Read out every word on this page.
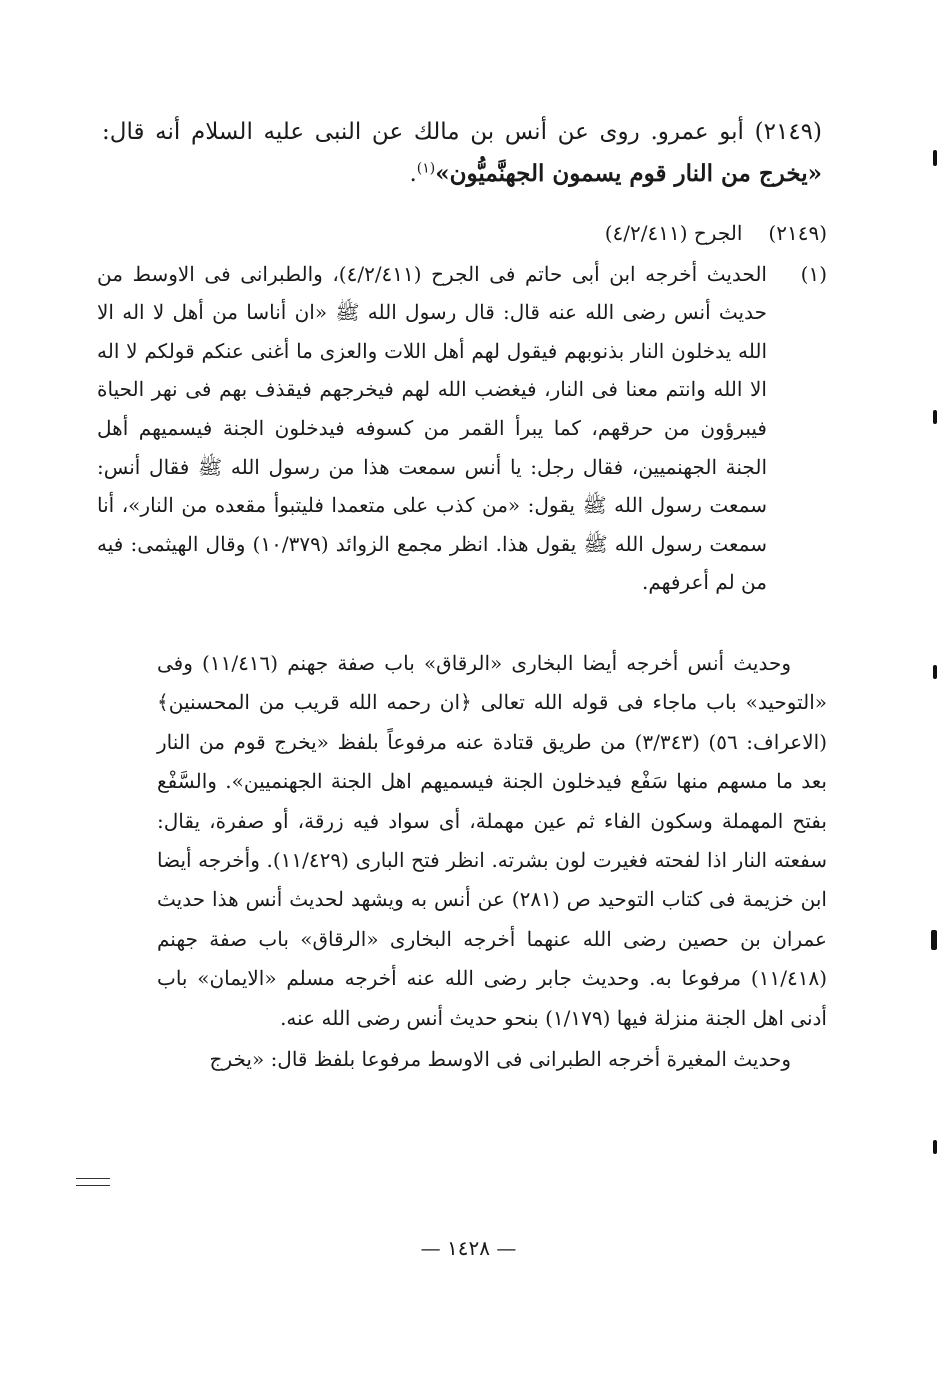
(٢١٤٩) أبو عمرو. روى عن أنس بن مالك عن النبى عليه السلام أنه قال: «يخرج من النار قوم يسمون الجهنَّميُّون»$^{(١)}$.
(٢١٤٩)
الجرح (٤/٢/٤١١)
(١)

الحديث أخرجه ابن أبى حاتم فى الجرح (٤/٢/٤١١)، والطبرانى فى الاوسط من حديث أنس رضى الله عنه قال: قال رسول الله ﷺ «ان أناسا من أهل لا اله الا الله يدخلون النار بذنوبهم فيقول لهم أهل اللات والعزى ما أغنى عنكم قولكم لا اله الا الله وانتم معنا فى النار، فيغضب الله لهم فيخرجهم فيقذف بهم فى نهر الحياة فيبرؤون من حرقهم، كما يبرأ القمر من كسوفه فيدخلون الجنة فيسميهم أهل الجنة الجهنميين، فقال رجل: يا أنس سمعت هذا من رسول الله ﷺ فقال أنس: سمعت رسول الله ﷺ يقول: «من كذب على متعمدا فليتبوأ مقعده من النار»، أنا سمعت رسول الله ﷺ يقول هذا. انظر مجمع الزوائد (١٠/٣٧٩) وقال الهيثمى: فيه من لم أعرفهم.

وحديث أنس أخرجه أيضا البخارى «الرقاق» باب صفة جهنم (١١/٤١٦) وفى «التوحيد» باب ماجاء فى قوله الله تعالى ﴿ان رحمه الله قريب من المحسنين﴾ (الاعراف: ٥٦) (٣/٣٤٣) من طريق قتادة عنه مرفوعاً بلفظ «يخرج قوم من النار بعد ما مسهم منها سَفْع فيدخلون الجنة فيسميهم اهل الجنة الجهنميين». والسَّفْع بفتح المهملة وسكون الفاء ثم عين مهملة، أى سواد فيه زرقة، أو صفرة، يقال: سفعته النار اذا لفحته فغيرت لون بشرته. انظر فتح البارى (١١/٤٢٩). وأخرجه أيضا ابن خزيمة فى كتاب التوحيد ص (٢٨١) عن أنس به ويشهد لحديث أنس هذا حديث عمران بن حصين رضى الله عنهما أخرجه البخارى «الرقاق» باب صفة جهنم (١١/٤١٨) مرفوعا به. وحديث جابر رضى الله عنه أخرجه مسلم «الايمان» باب أدنى اهل الجنة منزلة فيها (١/١٧٩) بنحو حديث أنس رضى الله عنه.

وحديث المغيرة أخرجه الطبرانى فى الاوسط مرفوعا بلفظ قال: «يخرج

— ١٤٢٨ —
